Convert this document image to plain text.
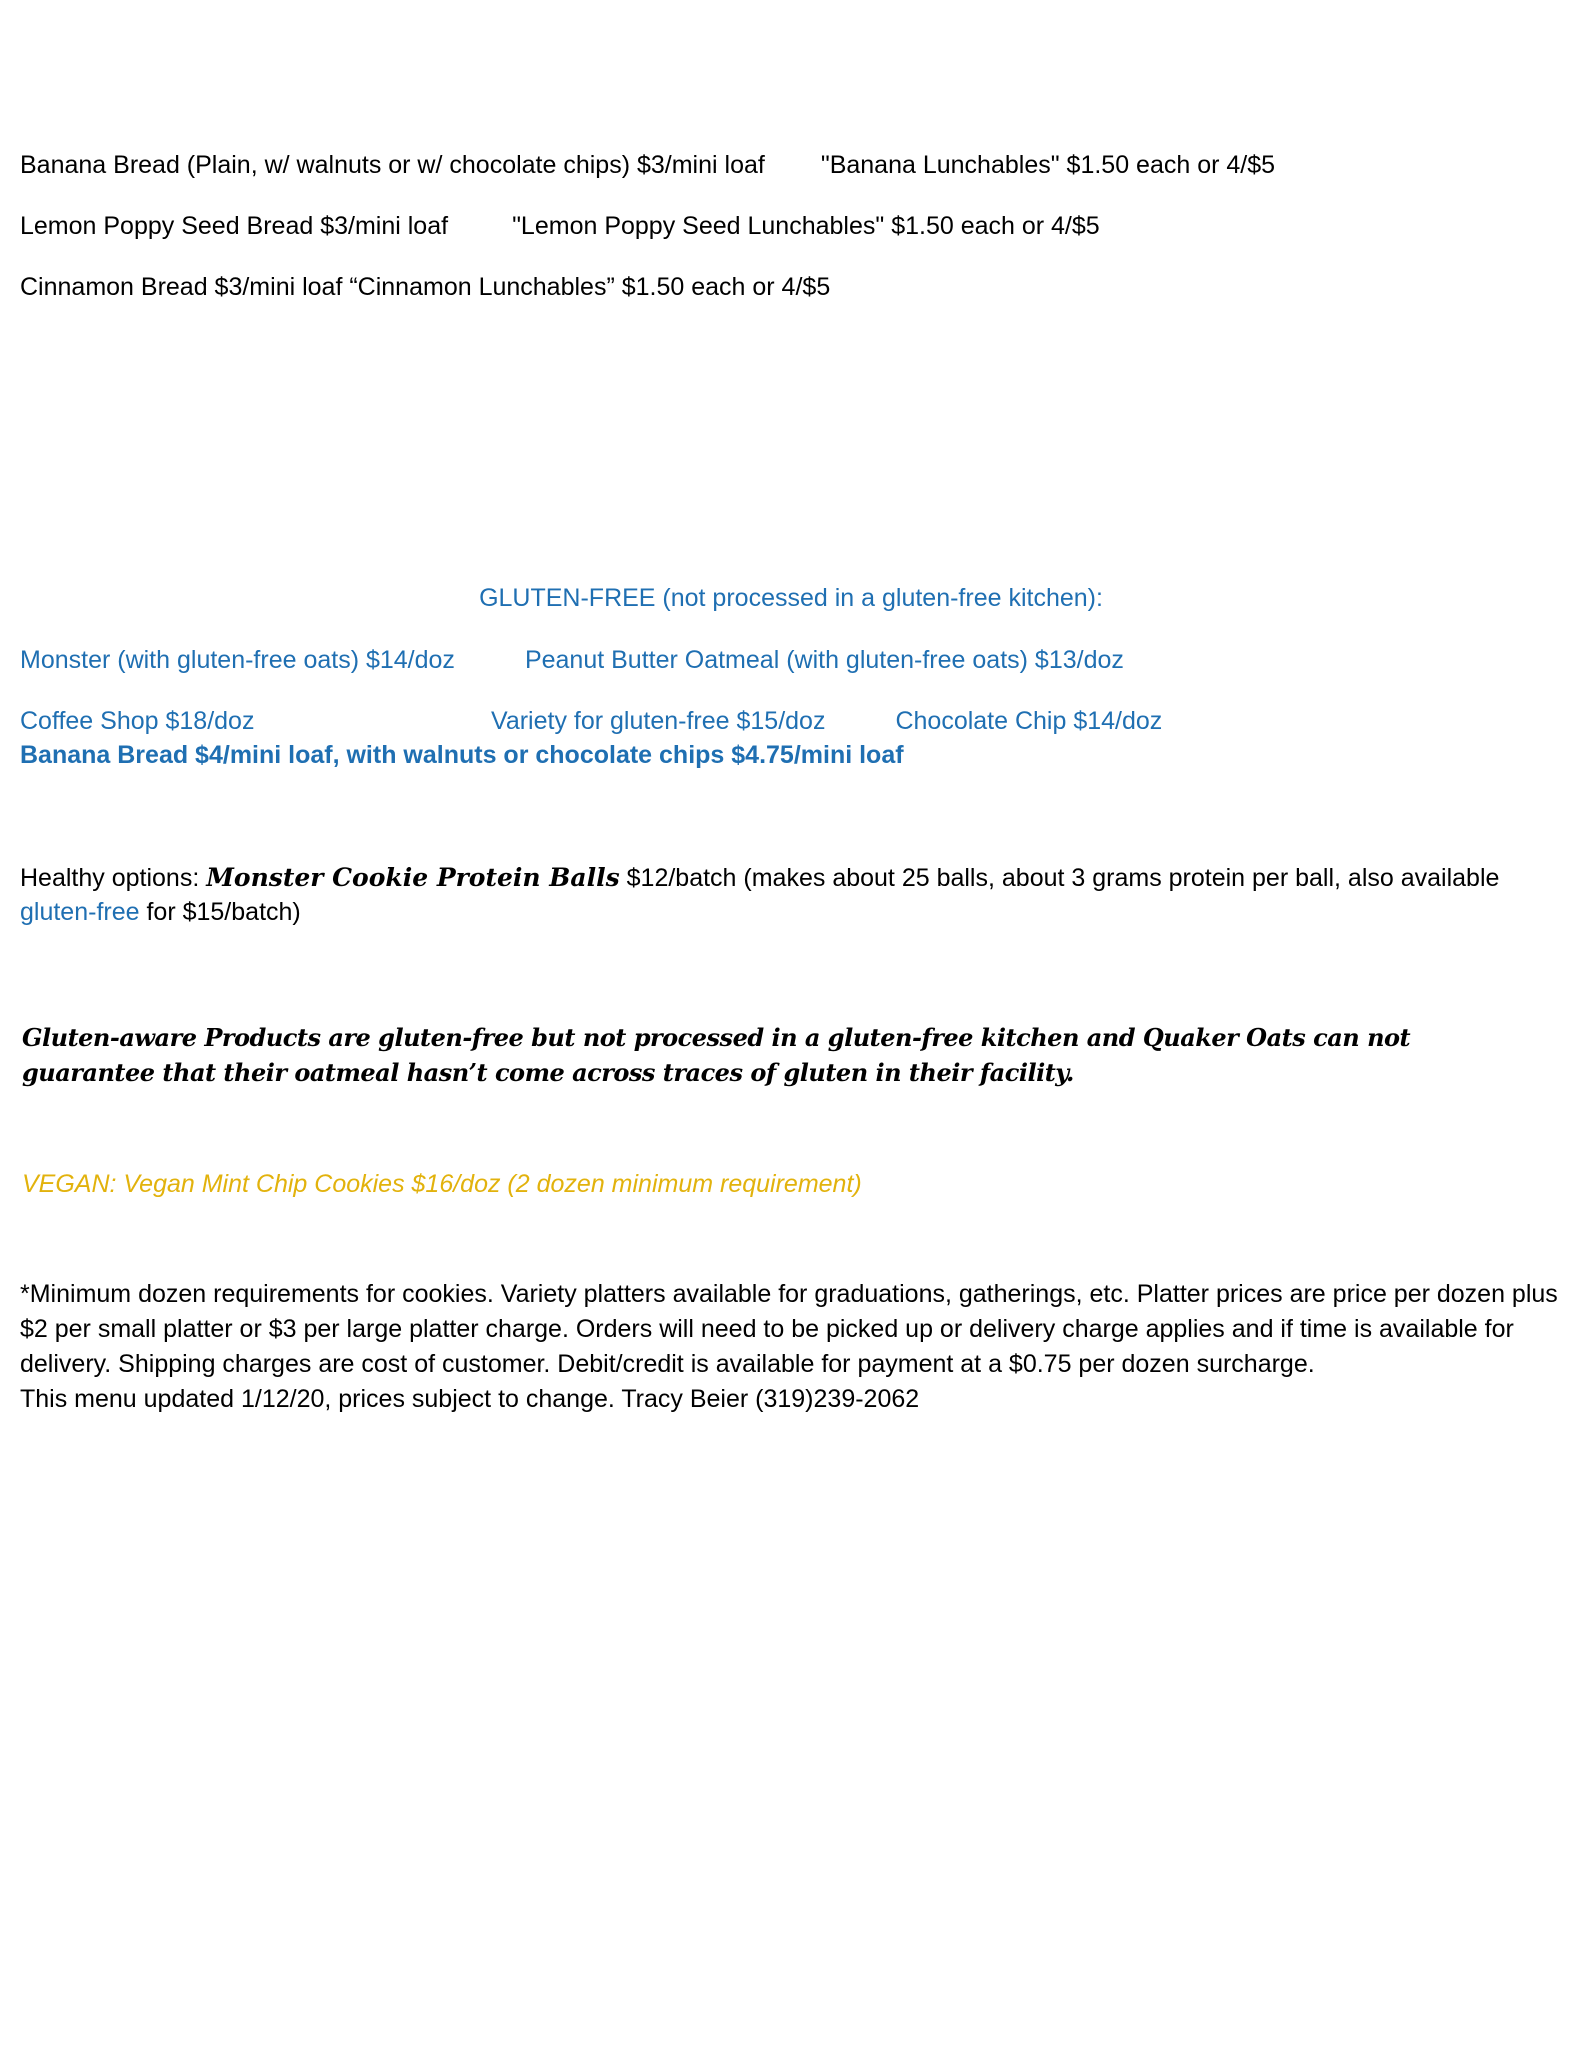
Banana Bread (Plain, w/ walnuts or w/ chocolate chips) $3/mini loaf "Banana Lunchables" $1.50 each or 4/$5
Lemon Poppy Seed Bread $3/mini loaf	"Lemon Poppy Seed Lunchables" $1.50 each or 4/$5
Cinnamon Bread $3/mini loaf “Cinnamon Lunchables” $1.50 each or 4/$5
GLUTEN-FREE (not processed in a gluten-free kitchen):
Monster (with gluten-free oats) $14/doz	Peanut Butter Oatmeal (with gluten-free oats) $13/doz
Coffee Shop $18/doz	Variety for gluten-free $15/doz	Chocolate Chip $14/doz
Banana Bread $4/mini loaf, with walnuts or chocolate chips $4.75/mini loaf
Healthy options: Monster Cookie Protein Balls $12/batch (makes about 25 balls, about 3 grams protein per ball, also available
gluten-free for $15/batch)
Gluten-aware Products are gluten-free but not processed in a gluten-free kitchen and Quaker Oats can not guarantee that their oatmeal hasn’t come across traces of gluten in their facility.
VEGAN: Vegan Mint Chip Cookies $16/doz (2 dozen minimum requirement)
*Minimum dozen requirements for cookies. Variety platters available for graduations, gatherings, etc. Platter prices are price per dozen plus $2 per small platter or $3 per large platter charge. Orders will need to be picked up or delivery charge applies and if time is available for delivery. Shipping charges are cost of customer. Debit/credit is available for payment at a $0.75 per dozen surcharge.
This menu updated 1/12/20, prices subject to change. Tracy Beier (319)239-2062
